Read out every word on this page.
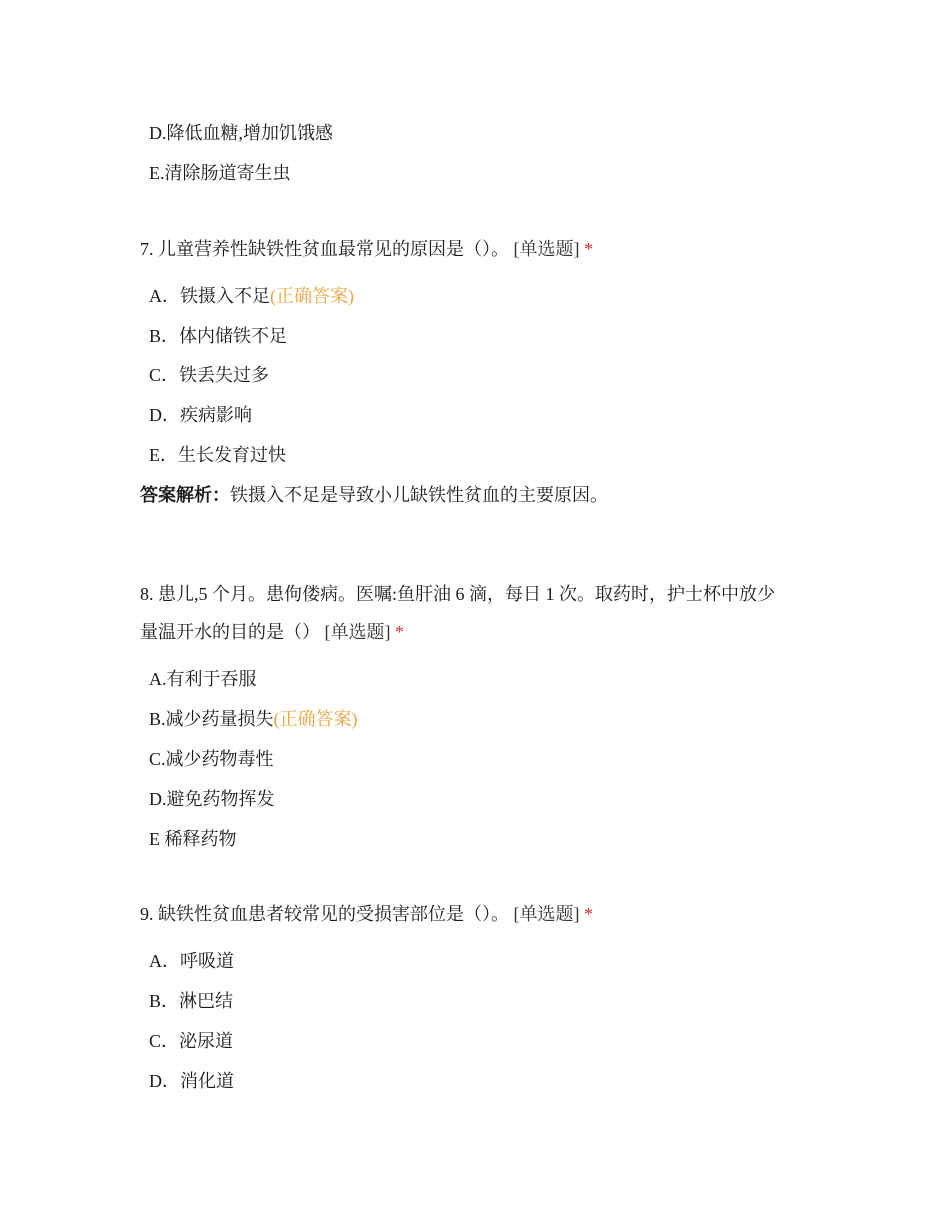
D.降低血糖,增加饥饿感
E.清除肠道寄生虫
7. 儿童营养性缺铁性贫血最常见的原因是（）。 [单选题] *
A．铁摄入不足(正确答案)
B．体内储铁不足
C．铁丢失过多
D．疾病影响
E．生长发育过快
答案解析：铁摄入不足是导致小儿缺铁性贫血的主要原因。
8. 患儿,5 个月。患佝偻病。医嘱:鱼肝油 6 滴，每日 1 次。取药时，护士杯中放少
量温开水的目的是（） [单选题] *
A.有利于吞服
B.减少药量损失(正确答案)
C.减少药物毒性
D.避免药物挥发
E 稀释药物
9. 缺铁性贫血患者较常见的受损害部位是（）。 [单选题] *
A．呼吸道
B．淋巴结
C．泌尿道
D．消化道
